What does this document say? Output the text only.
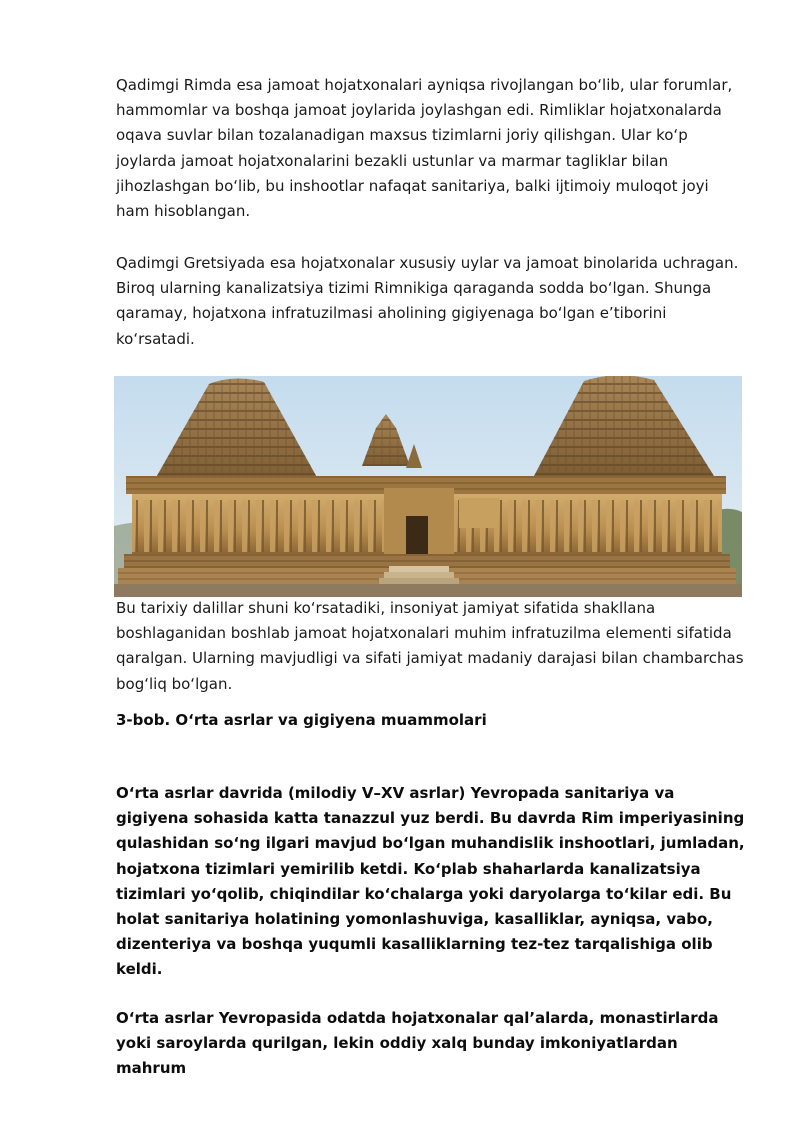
Qadimgi Rimda esa jamoat hojatxonalari ayniqsa rivojlangan bo‘lib, ular forumlar, hammomlar va boshqa jamoat joylarida joylashgan edi. Rimliklar hojatxonalarda oqava suvlar bilan tozalanadigan maxsus tizimlarni joriy qilishgan. Ular ko‘p joylarda jamoat hojatxonalarini bezakli ustunlar va marmar tagliklar bilan jihozlashgan bo‘lib, bu inshootlar nafaqat sanitariya, balki ijtimoiy muloqot joyi ham hisoblangan.

Qadimgi Gretsiyada esa hojatxonalar xususiy uylar va jamoat binolarida uchragan. Biroq ularning kanalizatsiya tizimi Rimnikiga qaraganda sodda bo‘lgan. Shunga qaramay, hojatxona infratuzilmasi aholining gigiyenaga bo‘lgan e’tiborini ko‘rsatadi.

Bu tarixiy dalillar shuni ko‘rsatadiki, insoniyat jamiyat sifatida shakllana boshlaganidan boshlab jamoat hojatxonalari muhim infratuzilma elementi sifatida qaralgan. Ularning mavjudligi va sifati jamiyat madaniy darajasi bilan chambarchas bog‘liq bo‘lgan.

3-bob. O‘rta asrlar va gigiyena muammolari

O‘rta asrlar davrida (milodiy V–XV asrlar) Yevropada sanitariya va gigiyena sohasida katta tanazzul yuz berdi. Bu davrda Rim imperiyasining qulashidan so‘ng ilgari mavjud bo‘lgan muhandislik inshootlari, jumladan, hojatxona tizimlari yemirilib ketdi. Ko‘plab shaharlarda kanalizatsiya tizimlari yo‘qolib, chiqindilar ko‘chalarga yoki daryolarga to‘kilar edi. Bu holat sanitariya holatining yomonlashuviga, kasalliklar, ayniqsa, vabo, dizenteriya va boshqa yuqumli kasalliklarning tez-tez tarqalishiga olib keldi.

O‘rta asrlar Yevropasida odatda hojatxonalar qal’alarda, monastirlarda yoki saroylarda qurilgan, lekin oddiy xalq bunday imkoniyatlardan mahrum
